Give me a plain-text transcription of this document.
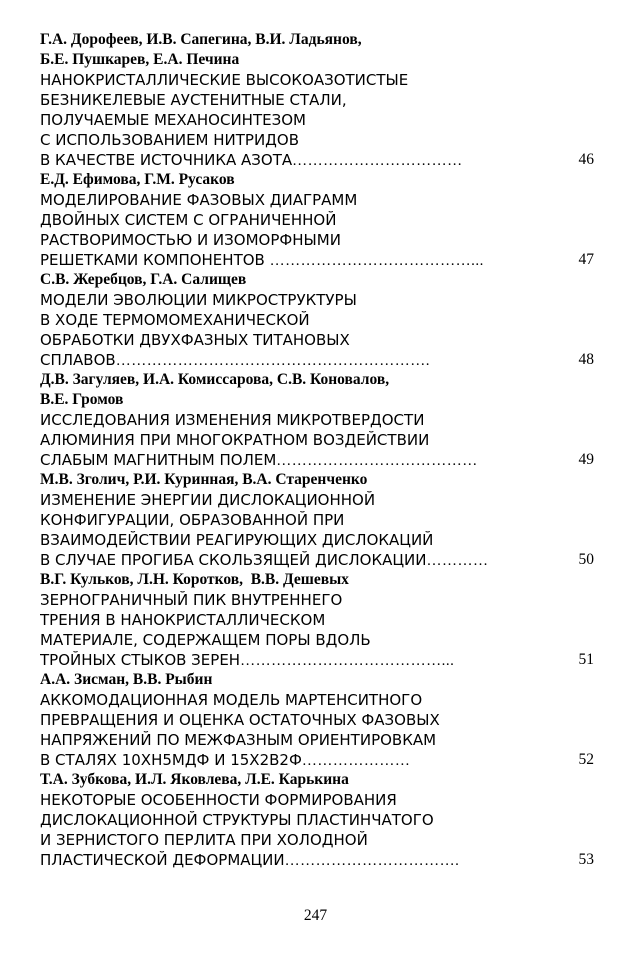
Г.А. Дорофеев, И.В. Сапегина, В.И. Ладьянов,
Б.Е. Пушкарев, Е.А. Печина
НАНОКРИСТАЛЛИЧЕСКИЕ ВЫСОКОАЗОТИСТЫЕ
БЕЗНИКЕЛЕВЫЕ АУСТЕНИТНЫЕ СТАЛИ,
ПОЛУЧАЕМЫЕ МЕХАНОСИНТЕЗОМ
С ИСПОЛЬЗОВАНИЕМ НИТРИДОВ
В КАЧЕСТВЕ ИСТОЧНИКА АЗОТА……………………………	46
Е.Д. Ефимова, Г.М. Русаков
МОДЕЛИРОВАНИЕ ФАЗОВЫХ ДИАГРАММ
ДВОЙНЫХ СИСТЕМ С ОГРАНИЧЕННОЙ
РАСТВОРИМОСТЬЮ И ИЗОМОРФНЫМИ
РЕШЕТКАМИ КОМПОНЕНТОВ …………………………………...	47
С.В. Жеребцов, Г.А. Салищев
МОДЕЛИ ЭВОЛЮЦИИ МИКРОСТРУКТУРЫ
В ХОДЕ ТЕРМОМОМЕХАНИЧЕСКОЙ
ОБРАБОТКИ ДВУХФАЗНЫХ ТИТАНОВЫХ
СПЛАВОВ…………………………………………………….	48
Д.В. Загуляев, И.А. Комиссарова, С.В. Коновалов,
В.Е. Громов
ИССЛЕДОВАНИЯ ИЗМЕНЕНИЯ МИКРОТВЕРДОСТИ
АЛЮМИНИЯ ПРИ МНОГОКРАТНОМ ВОЗДЕЙСТВИИ
СЛАБЫМ МАГНИТНЫМ ПОЛЕМ…………………………………	49
М.В. Зголич, Р.И. Куринная, В.А. Старенченко
ИЗМЕНЕНИЕ ЭНЕРГИИ ДИСЛОКАЦИОННОЙ
КОНФИГУРАЦИИ, ОБРАЗОВАННОЙ ПРИ
ВЗАИМОДЕЙСТВИИ РЕАГИРУЮЩИХ ДИСЛОКАЦИЙ
В СЛУЧАЕ ПРОГИБА СКОЛЬЗЯЩЕЙ ДИСЛОКАЦИИ…………	50
В.Г. Кульков, Л.Н. Коротков,  В.В. Дешевых
ЗЕРНОГРАНИЧНЫЙ ПИК ВНУТРЕННЕГО
ТРЕНИЯ В НАНОКРИСТАЛЛИЧЕСКОМ
МАТЕРИАЛЕ, СОДЕРЖАЩЕМ ПОРЫ ВДОЛЬ
ТРОЙНЫХ СТЫКОВ ЗЕРЕН…………………………………...	51
А.А. Зисман, В.В. Рыбин
АККОМОДАЦИОННАЯ МОДЕЛЬ МАРТЕНСИТНОГО
ПРЕВРАЩЕНИЯ И ОЦЕНКА ОСТАТОЧНЫХ ФАЗОВЫХ
НАПРЯЖЕНИЙ ПО МЕЖФАЗНЫМ ОРИЕНТИРОВКАМ
В СТАЛЯХ 10ХН5МДФ И 15Х2В2Ф…………………	52
Т.А. Зубкова, И.Л. Яковлева, Л.Е. Карькина
НЕКОТОРЫЕ ОСОБЕННОСТИ ФОРМИРОВАНИЯ
ДИСЛОКАЦИОННОЙ СТРУКТУРЫ ПЛАСТИНЧАТОГО
И ЗЕРНИСТОГО ПЕРЛИТА ПРИ ХОЛОДНОЙ
ПЛАСТИЧЕСКОЙ ДЕФОРМАЦИИ…………………………….	53
247
